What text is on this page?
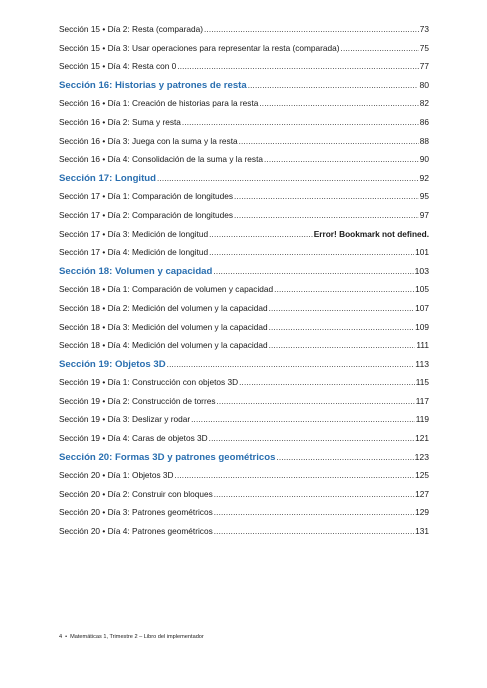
Sección 15 • Día 2: Resta (comparada) .....	73
Sección 15 • Día 3: Usar operaciones para representar la resta (comparada) .....	75
Sección 15 • Día 4: Resta con 0 .....	77
Sección 16: Historias y patrones de resta .....	80
Sección 16 • Día 1: Creación de historias para la resta .....	82
Sección 16 • Día 2: Suma y resta .....	86
Sección 16 • Día 3: Juega con la suma y la resta .....	88
Sección 16 • Día 4: Consolidación de la suma y la resta .....	90
Sección 17: Longitud .....	92
Sección 17 • Día 1: Comparación de longitudes .....	95
Sección 17 • Día 2: Comparación de longitudes .....	97
Sección 17 • Día 3: Medición de longitud .....	Error! Bookmark not defined.
Sección 17 • Día 4: Medición de longitud .....	101
Sección 18: Volumen y capacidad .....	103
Sección 18 • Día 1: Comparación de volumen y capacidad .....	105
Sección 18 • Día 2: Medición del volumen y la capacidad .....	107
Sección 18 • Día 3: Medición del volumen y la capacidad .....	109
Sección 18 • Día 4: Medición del volumen y la capacidad .....	111
Sección 19: Objetos 3D .....	113
Sección 19 • Día 1: Construcción con objetos 3D .....	115
Sección 19 • Día 2: Construcción de torres .....	117
Sección 19 • Día 3: Deslizar y rodar .....	119
Sección 19 • Día 4: Caras de objetos 3D .....	121
Sección 20: Formas 3D y patrones geométricos .....	123
Sección 20 • Día 1: Objetos 3D .....	125
Sección 20 • Día 2: Construir con bloques .....	127
Sección 20 • Día 3: Patrones geométricos .....	129
Sección 20 • Día 4: Patrones geométricos .....	131
4 • Matemáticas 1, Trimestre 2 – Libro del implementador
